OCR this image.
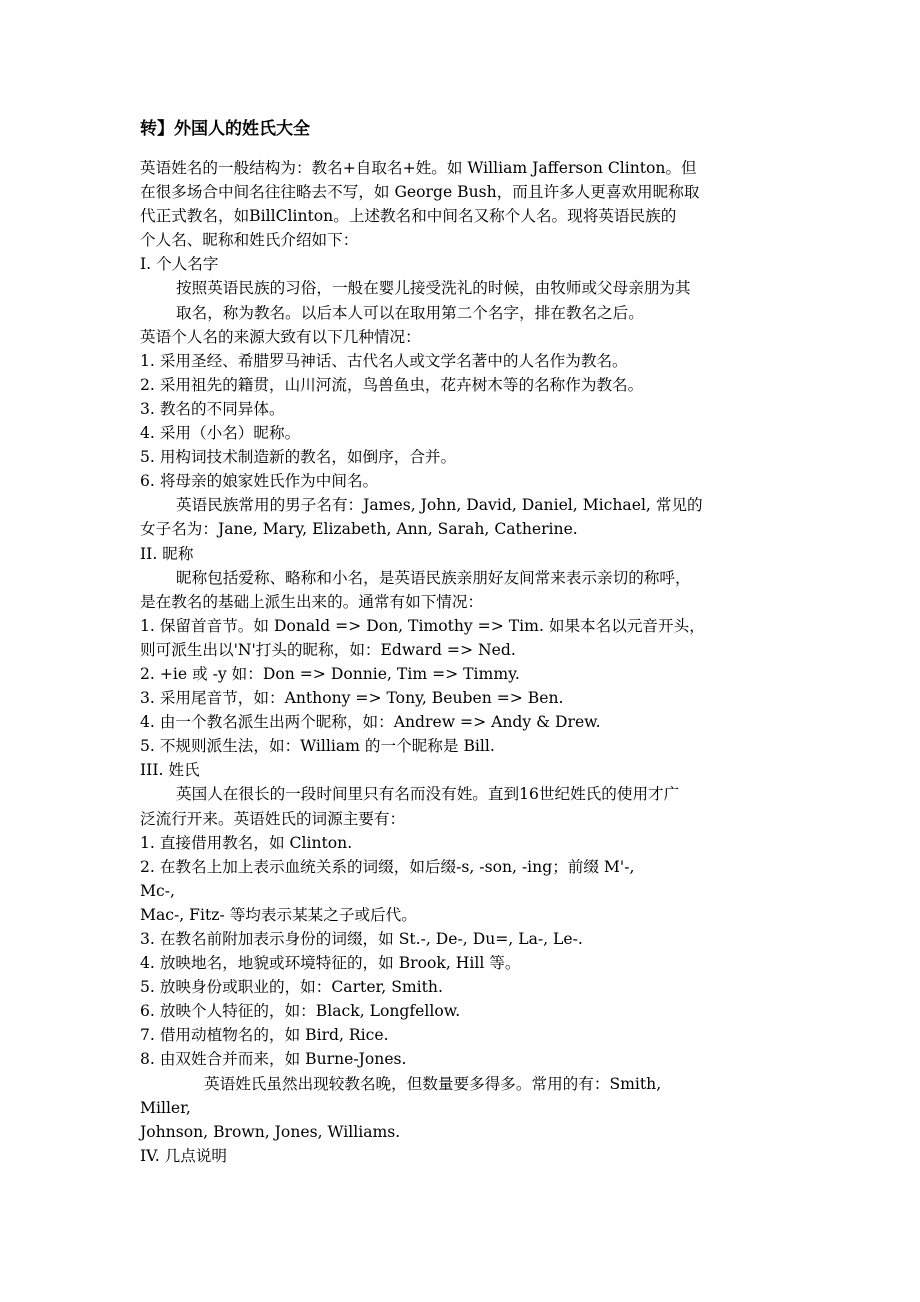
转】外国人的姓氏大全
英语姓名的一般结构为：教名+自取名+姓。如 William Jafferson Clinton。但
在很多场合中间名往往略去不写，如 George Bush，而且许多人更喜欢用昵称取
代正式教名，如BillClinton。上述教名和中间名又称个人名。现将英语民族的
个人名、昵称和姓氏介绍如下：
I. 个人名字
按照英语民族的习俗，一般在婴儿接受洗礼的时候，由牧师或父母亲朋为其
取名，称为教名。以后本人可以在取用第二个名字，排在教名之后。
英语个人名的来源大致有以下几种情况：
1. 采用圣经、希腊罗马神话、古代名人或文学名著中的人名作为教名。
2. 采用祖先的籍贯，山川河流，鸟兽鱼虫，花卉树木等的名称作为教名。
3. 教名的不同异体。
4. 采用（小名）昵称。
5. 用构词技术制造新的教名，如倒序，合并。
6. 将母亲的娘家姓氏作为中间名。
英语民族常用的男子名有：James, John, David, Daniel, Michael, 常见的
女子名为：Jane, Mary, Elizabeth, Ann, Sarah, Catherine.
II. 昵称
昵称包括爱称、略称和小名，是英语民族亲朋好友间常来表示亲切的称呼，
是在教名的基础上派生出来的。通常有如下情况：
1. 保留首音节。如 Donald => Don, Timothy => Tim. 如果本名以元音开头，
则可派生出以'N'打头的昵称，如：Edward => Ned.
2. +ie 或 -y 如：Don => Donnie, Tim => Timmy.
3. 采用尾音节，如：Anthony => Tony, Beuben => Ben.
4. 由一个教名派生出两个昵称，如：Andrew => Andy & Drew.
5. 不规则派生法，如：William 的一个昵称是 Bill.
III. 姓氏
英国人在很长的一段时间里只有名而没有姓。直到16世纪姓氏的使用才广
泛流行开来。英语姓氏的词源主要有：
1. 直接借用教名，如 Clinton.
2. 在教名上加上表示血统关系的词缀，如后缀-s, -son, -ing；前缀 M'-,
Mc-,
Mac-, Fitz- 等均表示某某之子或后代。
3. 在教名前附加表示身份的词缀，如 St.-, De-, Du=, La-, Le-.
4. 放映地名，地貌或环境特征的，如 Brook, Hill 等。
5. 放映身份或职业的，如：Carter, Smith.
6. 放映个人特征的，如：Black, Longfellow.
7. 借用动植物名的，如 Bird, Rice.
8. 由双姓合并而来，如 Burne-Jones.
英语姓氏虽然出现较教名晚，但数量要多得多。常用的有：Smith,
Miller,
Johnson, Brown, Jones, Williams.
IV. 几点说明
